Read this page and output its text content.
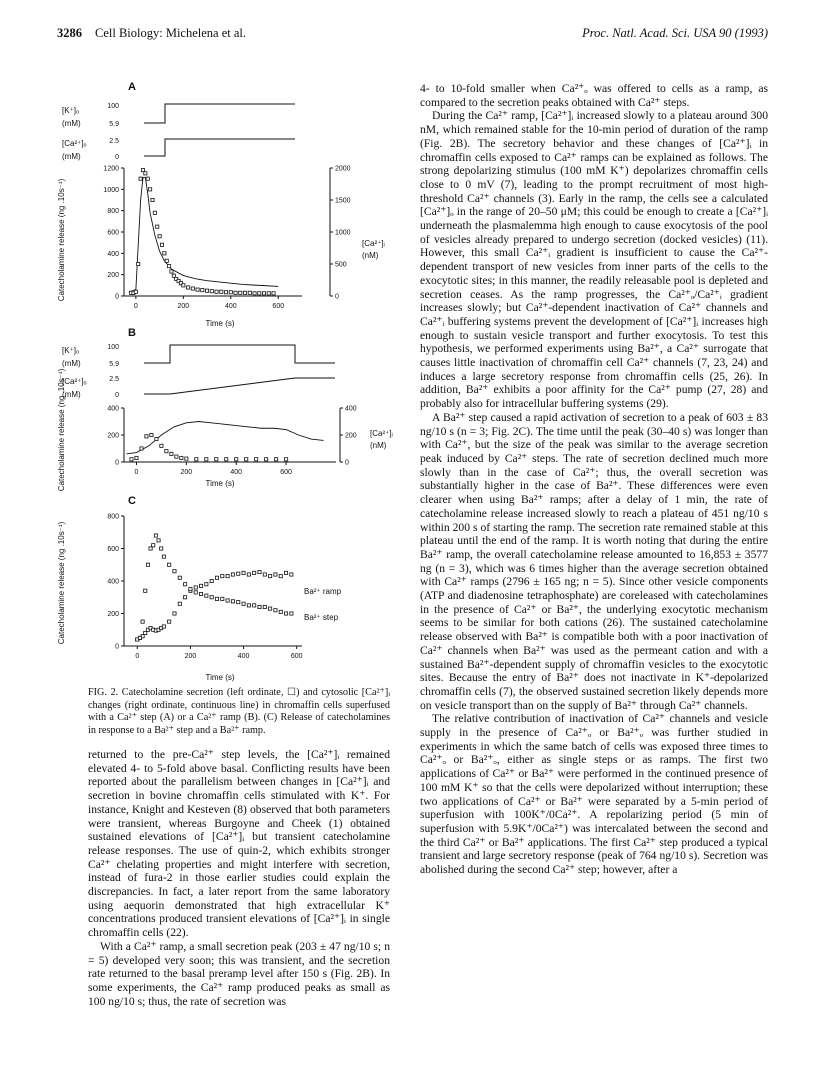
3286 Cell Biology: Michelena et al.	Proc. Natl. Acad. Sci. USA 90 (1993)
A
[K⁺]ₒ
(mM)
100
5.9
[Ca²⁺]ₒ
(mM)
2.5
0
0	200	400	600
0
200
400
600
800
1000
1200
0
500
1000
1500
2000
Catecholamine release (ng .10s⁻¹)	[Ca²⁺]ᵢ
(nM)
Time (s)
B
[K⁺]ₒ
(mM)
100
5.9
[Ca²⁺]ₒ
(mM)
2.5
0
0	200	400	600
0
200
400
0
200
400
Catecholamine release (ng .10s⁻¹)	[Ca²⁺]ᵢ
(nM)
Time (s)
C
0	200	400	600
0
200
400
600
800
Catecholamine release (ng .10s⁻¹)	Ba²⁺ ramp
Ba²⁺ step
Time (s)
FIG. 2. Catecholamine secretion (left ordinate, ☐) and cytosolic [Ca²⁺]ᵢ changes (right ordinate, continuous line) in chromaffin cells superfused with a Ca²⁺ step (A) or a Ca²⁺ ramp (B). (C) Release of catecholamines in response to a Ba²⁺ step and a Ba²⁺ ramp.

returned to the pre-Ca²⁺ step levels, the [Ca²⁺]ᵢ remained elevated 4- to 5-fold above basal. Conflicting results have been reported about the parallelism between changes in [Ca²⁺]ᵢ and secretion in bovine chromaffin cells stimulated with K⁺. For instance, Knight and Kesteven (8) observed that both parameters were transient, whereas Burgoyne and Cheek (1) obtained sustained elevations of [Ca²⁺]ᵢ but transient catecholamine release responses. The use of quin-2, which exhibits stronger Ca²⁺ chelating properties and might interfere with secretion, instead of fura-2 in those earlier studies could explain the discrepancies. In fact, a later report from the same laboratory using aequorin demonstrated that high extracellular K⁺ concentrations produced transient elevations of [Ca²⁺]ᵢ in single chromaffin cells (22).

With a Ca²⁺ ramp, a small secretion peak (203 ± 47 ng/10 s; n = 5) developed very soon; this was transient, and the secretion rate returned to the basal preramp level after 150 s (Fig. 2B). In some experiments, the Ca²⁺ ramp produced peaks as small as 100 ng/10 s; thus, the rate of secretion was

4- to 10-fold smaller when Ca²⁺ₒ was offered to cells as a ramp, as compared to the secretion peaks obtained with Ca²⁺ steps.

During the Ca²⁺ ramp, [Ca²⁺]ᵢ increased slowly to a plateau around 300 nM, which remained stable for the 10-min period of duration of the ramp (Fig. 2B). The secretory behavior and these changes of [Ca²⁺]ᵢ in chromaffin cells exposed to Ca²⁺ ramps can be explained as follows. The strong depolarizing stimulus (100 mM K⁺) depolarizes chromaffin cells close to 0 mV (7), leading to the prompt recruitment of most high-threshold Ca²⁺ channels (3). Early in the ramp, the cells see a calculated [Ca²⁺]ₒ in the range of 20–50 μM; this could be enough to create a [Ca²⁺]ᵢ underneath the plasmalemma high enough to cause exocytosis of the pool of vesicles already prepared to undergo secretion (docked vesicles) (11). However, this small Ca²⁺ᵢ gradient is insufficient to cause the Ca²⁺-dependent transport of new vesicles from inner parts of the cells to the exocytotic sites; in this manner, the readily releasable pool is depleted and secretion ceases. As the ramp progresses, the Ca²⁺ₒ/Ca²⁺ᵢ gradient increases slowly; but Ca²⁺-dependent inactivation of Ca²⁺ channels and Ca²⁺ᵢ buffering systems prevent the development of [Ca²⁺]ᵢ increases high enough to sustain vesicle transport and further exocytosis. To test this hypothesis, we performed experiments using Ba²⁺, a Ca²⁺ surrogate that causes little inactivation of chromaffin cell Ca²⁺ channels (7, 23, 24) and induces a large secretory response from chromaffin cells (25, 26). In addition, Ba²⁺ exhibits a poor affinity for the Ca²⁺ pump (27, 28) and probably also for intracellular buffering systems (29).

A Ba²⁺ step caused a rapid activation of secretion to a peak of 603 ± 83 ng/10 s (n = 3; Fig. 2C). The time until the peak (30–40 s) was longer than with Ca²⁺, but the size of the peak was similar to the average secretion peak induced by Ca²⁺ steps. The rate of secretion declined much more slowly than in the case of Ca²⁺; thus, the overall secretion was substantially higher in the case of Ba²⁺. These differences were even clearer when using Ba²⁺ ramps; after a delay of 1 min, the rate of catecholamine release increased slowly to reach a plateau of 451 ng/10 s within 200 s of starting the ramp. The secretion rate remained stable at this plateau until the end of the ramp. It is worth noting that during the entire Ba²⁺ ramp, the overall catecholamine release amounted to 16,853 ± 3577 ng (n = 3), which was 6 times higher than the average secretion obtained with Ca²⁺ ramps (2796 ± 165 ng; n = 5). Since other vesicle components (ATP and diadenosine tetraphosphate) are coreleased with catecholamines in the presence of Ca²⁺ or Ba²⁺, the underlying exocytotic mechanism seems to be similar for both cations (26). The sustained catecholamine release observed with Ba²⁺ is compatible both with a poor inactivation of Ca²⁺ channels when Ba²⁺ was used as the permeant cation and with a sustained Ba²⁺-dependent supply of chromaffin vesicles to the exocytotic sites. Because the entry of Ba²⁺ does not inactivate in K⁺-depolarized chromaffin cells (7), the observed sustained secretion likely depends more on vesicle transport than on the supply of Ba²⁺ through Ca²⁺ channels.

The relative contribution of inactivation of Ca²⁺ channels and vesicle supply in the presence of Ca²⁺ₒ or Ba²⁺ₒ was further studied in experiments in which the same batch of cells was exposed three times to Ca²⁺ₒ or Ba²⁺ₒ, either as single steps or as ramps. The first two applications of Ca²⁺ or Ba²⁺ were performed in the continued presence of 100 mM K⁺ so that the cells were depolarized without interruption; these two applications of Ca²⁺ or Ba²⁺ were separated by a 5-min period of superfusion with 100K⁺/0Ca²⁺. A repolarizing period (5 min of superfusion with 5.9K⁺/0Ca²⁺) was intercalated between the second and the third Ca²⁺ or Ba²⁺ applications. The first Ca²⁺ step produced a typical transient and large secretory response (peak of 764 ng/10 s). Secretion was abolished during the second Ca²⁺ step; however, after a
